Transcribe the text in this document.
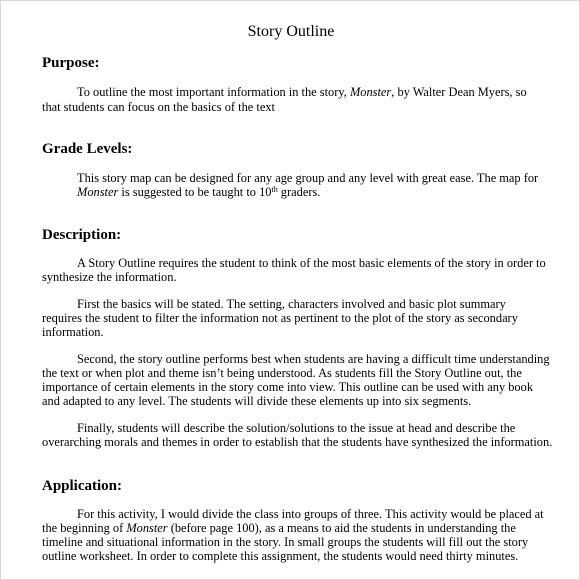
Story Outline
Purpose:
To outline the most important information in the story, Monster, by Walter Dean Myers, so
that students can focus on the basics of the text
Grade Levels:
This story map can be designed for any age group and any level with great ease. The map for
Monster is suggested to be taught to 10th graders.
Description:
A Story Outline requires the student to think of the most basic elements of the story in order to
synthesize the information.
First the basics will be stated. The setting, characters involved and basic plot summary
requires the student to filter the information not as pertinent to the plot of the story as secondary
information.
Second, the story outline performs best when students are having a difficult time understanding
the text or when plot and theme isn’t being understood. As students fill the Story Outline out, the
importance of certain elements in the story come into view. This outline can be used with any book
and adapted to any level. The students will divide these elements up into six segments.
Finally, students will describe the solution/solutions to the issue at head and describe the
overarching morals and themes in order to establish that the students have synthesized the information.
Application:
For this activity, I would divide the class into groups of three. This activity would be placed at
the beginning of Monster (before page 100), as a means to aid the students in understanding the
timeline and situational information in the story. In small groups the students will fill out the story
outline worksheet. In order to complete this assignment, the students would need thirty minutes.
